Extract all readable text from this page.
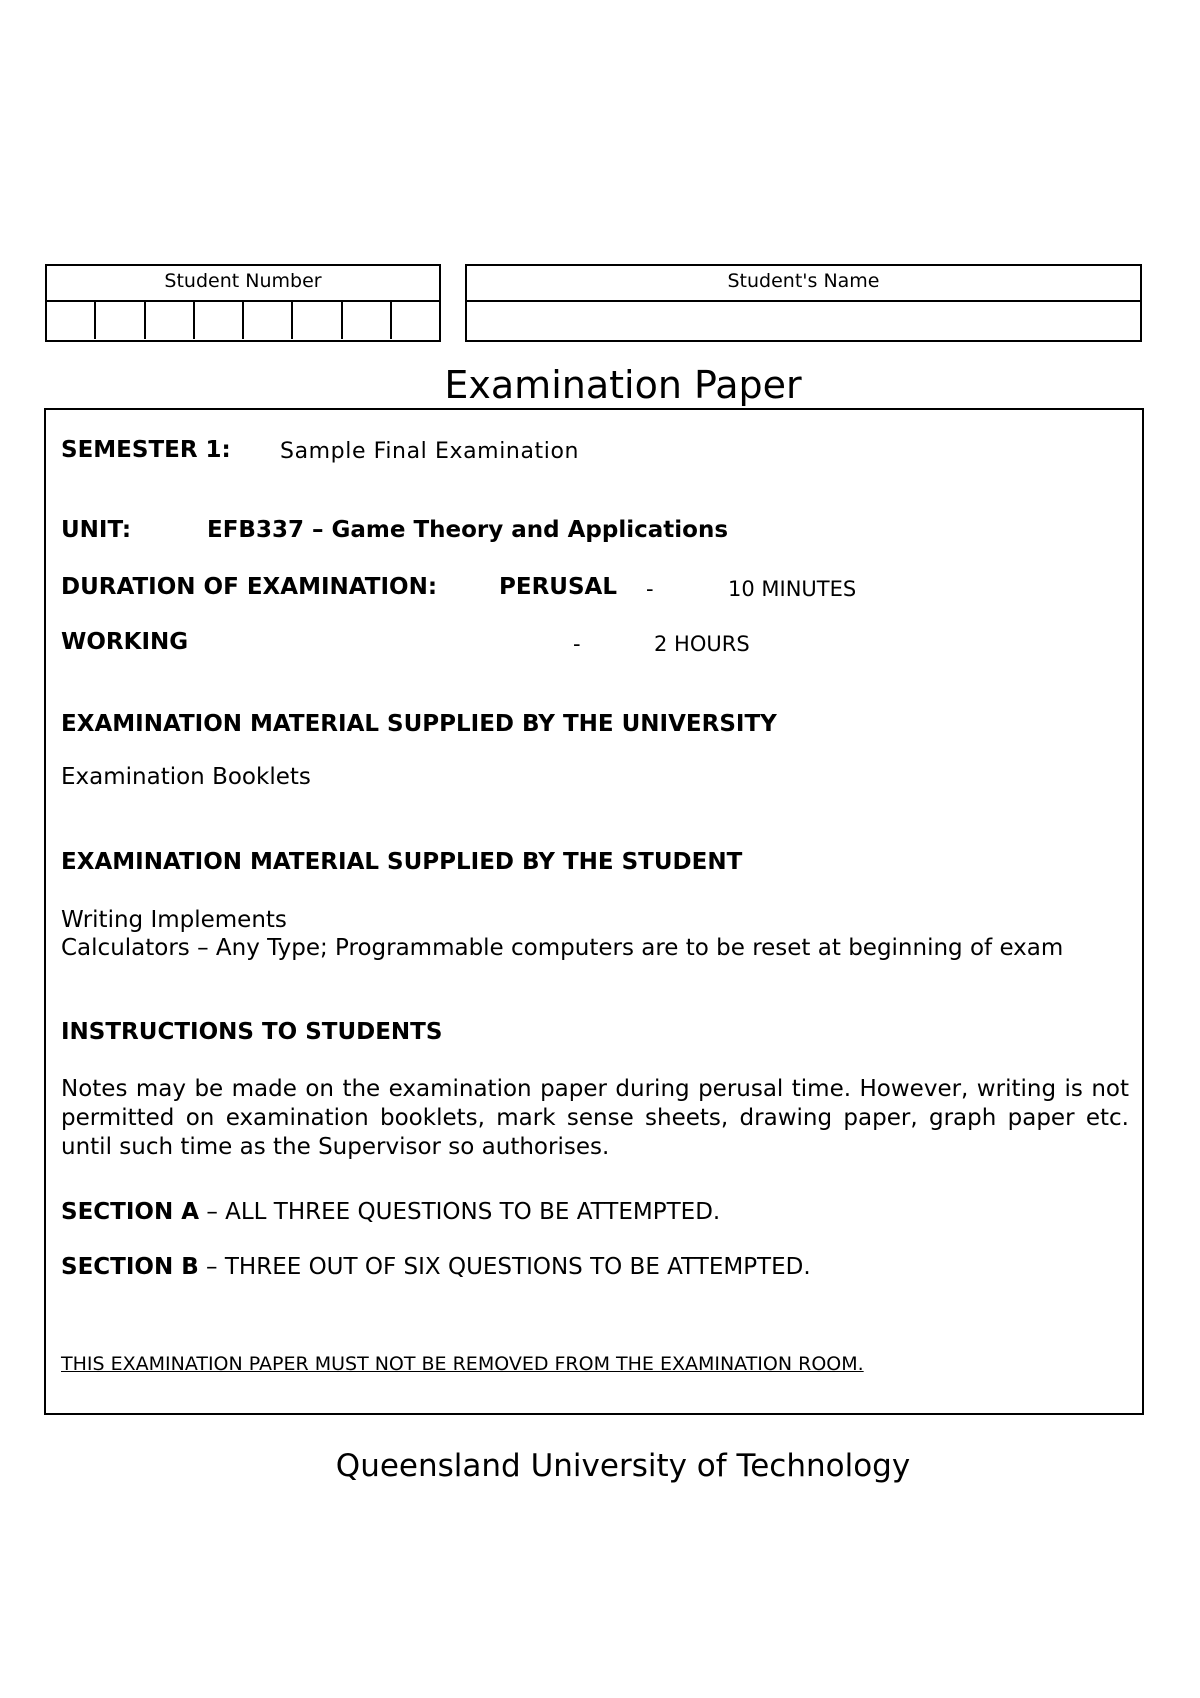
Student Number	Student's Name
Examination Paper
SEMESTER 1: Sample Final Examination
UNIT:	EFB337 – Game Theory and Applications
DURATION OF EXAMINATION:	PERUSAL -	10 MINUTES
WORKING	-	2 HOURS
EXAMINATION MATERIAL SUPPLIED BY THE UNIVERSITY
Examination Booklets
EXAMINATION MATERIAL SUPPLIED BY THE STUDENT
Writing Implements
Calculators – Any Type; Programmable computers are to be reset at beginning of exam
INSTRUCTIONS TO STUDENTS
Notes may be made on the examination paper during perusal time. However, writing is not permitted on examination booklets, mark sense sheets, drawing paper, graph paper etc. until such time as the Supervisor so authorises.
SECTION A – ALL THREE QUESTIONS TO BE ATTEMPTED.
SECTION B – THREE OUT OF SIX QUESTIONS TO BE ATTEMPTED.
THIS EXAMINATION PAPER MUST NOT BE REMOVED FROM THE EXAMINATION ROOM.
Queensland University of Technology
